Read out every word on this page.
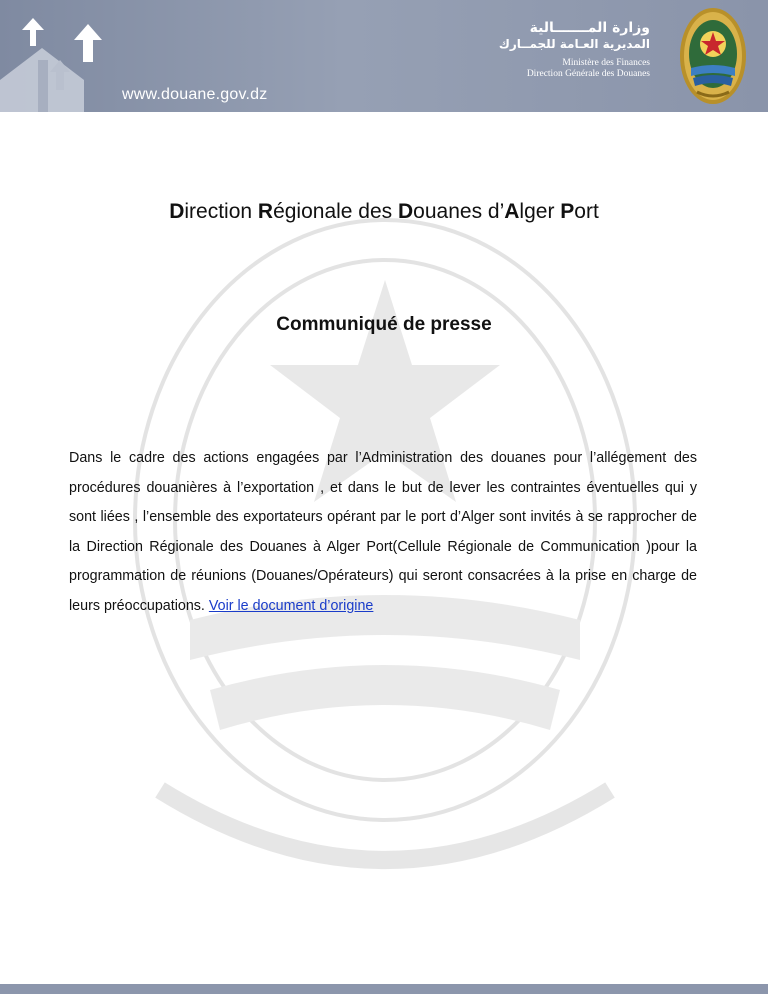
www.douane.gov.dz
وزارة المـــــــالية
المديرية العـامة للجمــارك
Ministère des Finances
Direction Générale des Douanes
Direction Régionale des Douanes d’Alger Port
Communiqué de presse
Dans le cadre des actions engagées par l’Administration des douanes pour l’allégement des procédures douanières à l’exportation , et dans le but de lever les contraintes éventuelles qui y sont liées , l’ensemble des exportateurs opérant par le port d’Alger sont invités à se rapprocher de la Direction Régionale des Douanes à Alger Port(Cellule Régionale de Communication )pour la programmation de réunions (Douanes/Opérateurs) qui seront consacrées à la prise en charge de leurs préoccupations. Voir le document d’origine
